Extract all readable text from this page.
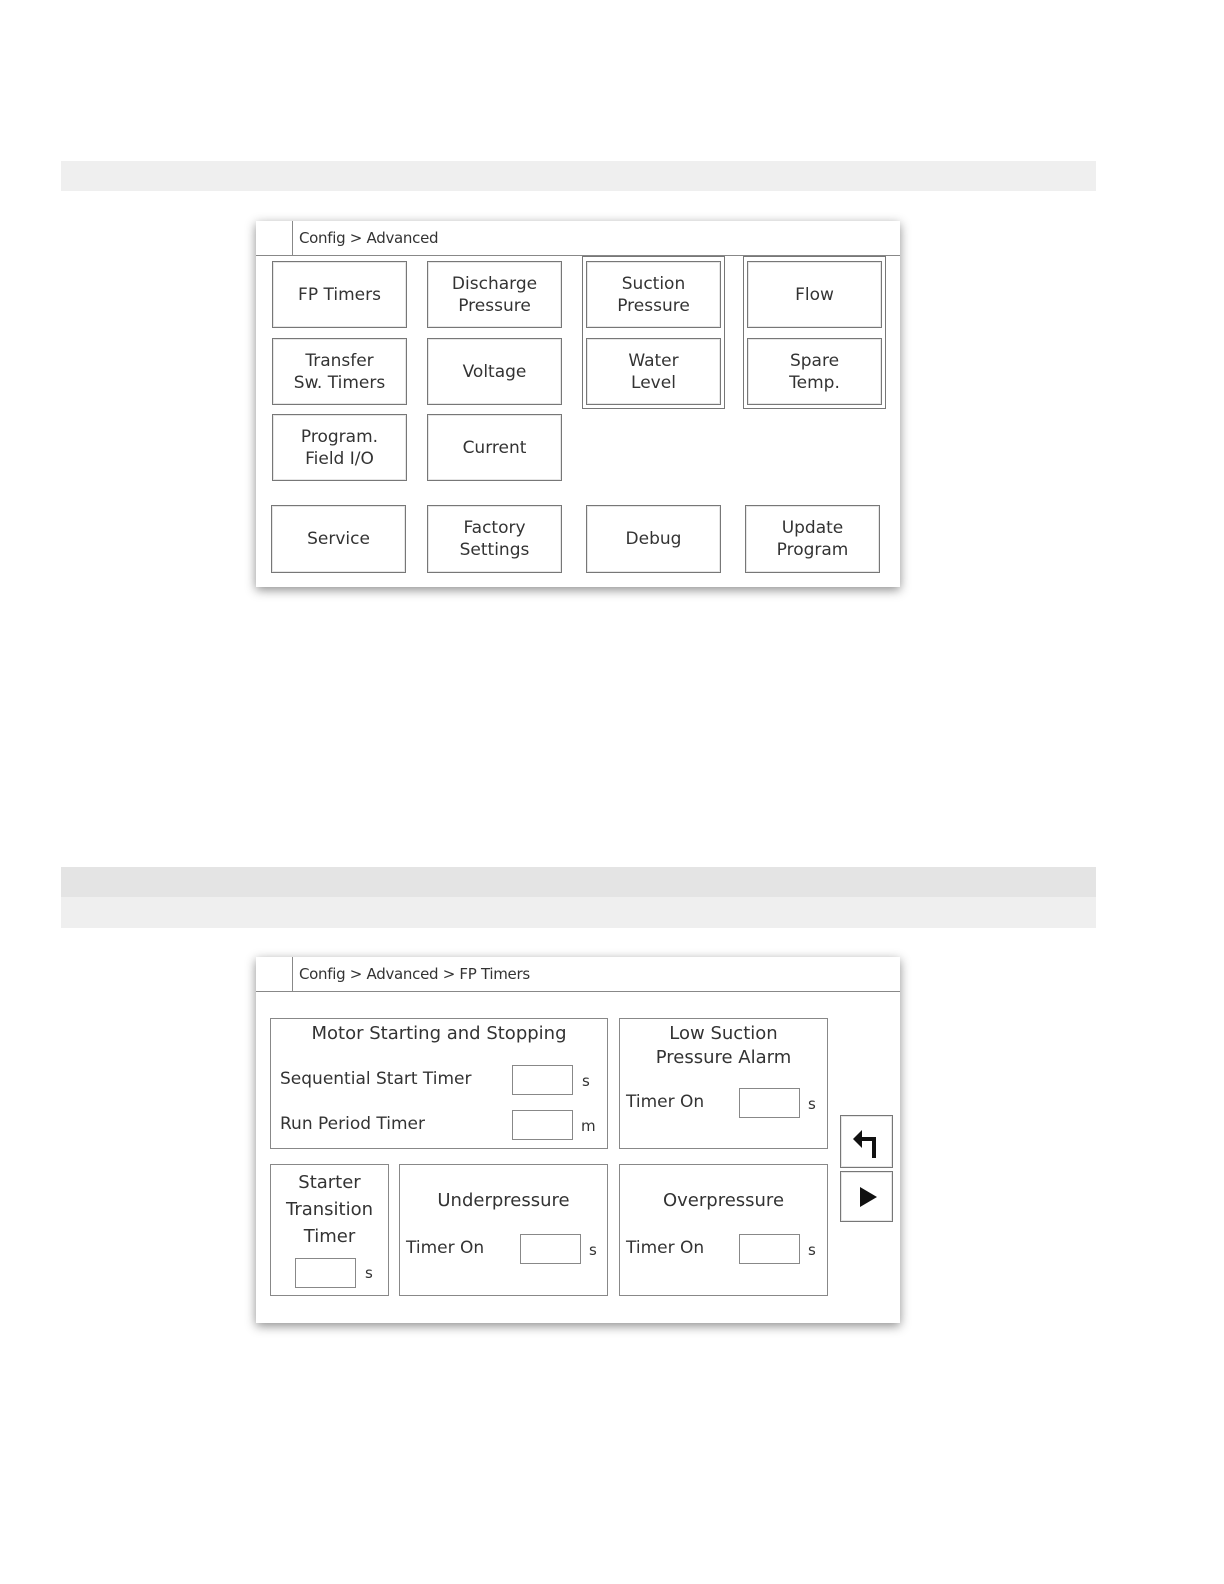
Config > Advanced
FP Timers
Discharge
Pressure
Suction
Pressure
Flow
Transfer
Sw. Timers
Voltage
Water
Level
Spare
Temp.
Program.
Field I/O
Current
Service
Factory
Settings
Debug
Update
Program
Config > Advanced > FP Timers
Motor Starting and Stopping
Sequential Start Timer	s
Run Period Timer	m
Low Suction
Pressure Alarm
Timer On	s
Starter
Transition
Timer
s
Underpressure
Timer On	s
Overpressure
Timer On	s
